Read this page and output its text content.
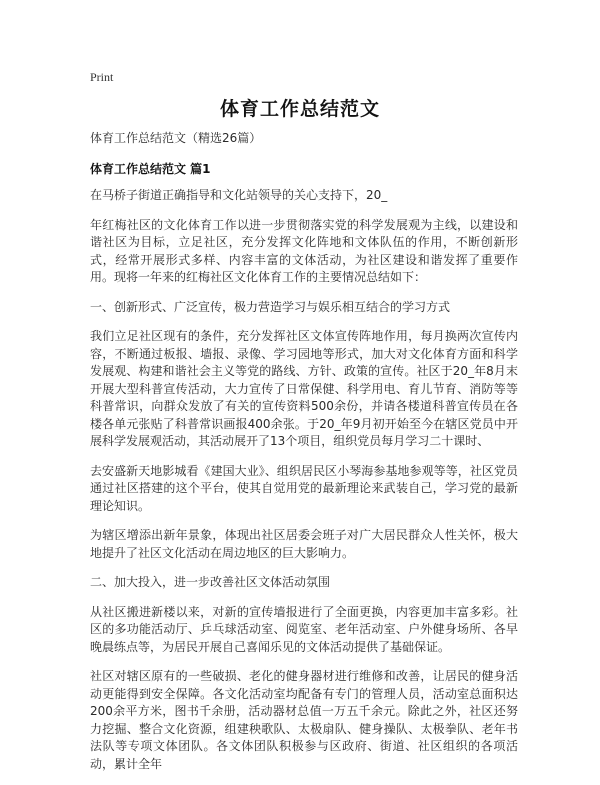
Print
体育工作总结范文

体育工作总结范文（精选26篇）

体育工作总结范文 篇1

在马桥子街道正确指导和文化站领导的关心支持下，20_

年红梅社区的文化体育工作以进一步贯彻落实党的科学发展观为主线，以建设和谐社区为目标，立足社区，充分发挥文化阵地和文体队伍的作用，不断创新形式，经常开展形式多样、内容丰富的文体活动，为社区建设和谐发挥了重要作用。现将一年来的红梅社区文化体育工作的主要情况总结如下：

一、创新形式、广泛宣传，极力营造学习与娱乐相互结合的学习方式

我们立足社区现有的条件，充分发挥社区文体宣传阵地作用，每月换两次宣传内容，不断通过板报、墙报、录像、学习园地等形式，加大对文化体育方面和科学发展观、构建和谐社会主义等党的路线、方针、政策的宣传。社区于20_年8月末开展大型科普宣传活动，大力宣传了日常保健、科学用电、育儿节育、消防等等科普常识，向群众发放了有关的宣传资料500余份，并请各楼道科普宣传员在各楼各单元张贴了科普常识画报400余张。于20_年9月初开始至今在辖区党员中开展科学发展观活动，其活动展开了13个项目，组织党员每月学习二十课时、

去安盛新天地影城看《建国大业》、组织居民区小琴海参基地参观等等，社区党员通过社区搭建的这个平台，使其自觉用党的最新理论来武装自己，学习党的最新理论知识。

为辖区增添出新年景象，体现出社区居委会班子对广大居民群众人性关怀，极大地提升了社区文化活动在周边地区的巨大影响力。

二、加大投入，进一步改善社区文体活动氛围

从社区搬进新楼以来，对新的宣传墙报进行了全面更换，内容更加丰富多彩。社区的多功能活动厅、乒乓球活动室、阅览室、老年活动室、户外健身场所、各早晚晨练点等，为居民开展自己喜闻乐见的文体活动提供了基础保证。

社区对辖区原有的一些破损、老化的健身器材进行维修和改善，让居民的健身活动更能得到安全保障。各文化活动室均配备有专门的管理人员，活动室总面积达200余平方米，图书千余册，活动器材总值一万五千余元。除此之外，社区还努力挖掘、整合文化资源，组建秧歌队、太极扇队、健身操队、太极拳队、老年书法队等专项文体团队。各文体团队积极参与区政府、街道、社区组织的各项活动，累计全年
